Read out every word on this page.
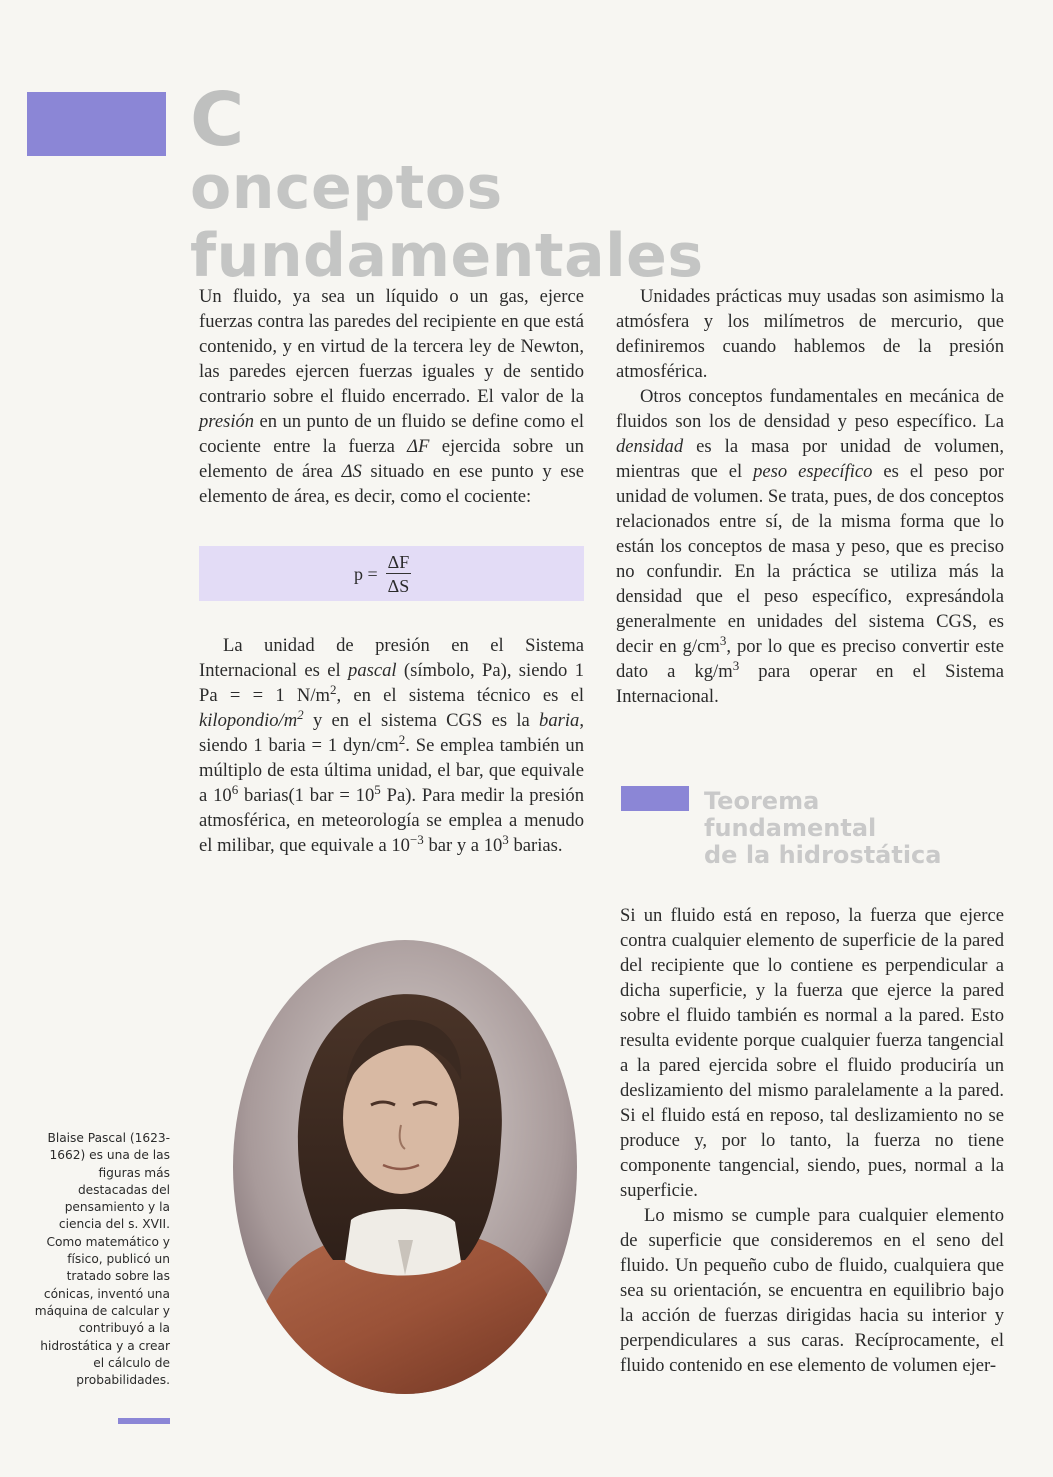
C
onceptos
fundamentales

Un fluido, ya sea un líquido o un gas, ejerce fuerzas contra las paredes del recipiente en que está contenido, y en virtud de la tercera ley de Newton, las paredes ejercen fuerzas iguales y de sentido contrario sobre el fluido encerrado. El valor de la presión en un punto de un fluido se define como el cociente entre la fuerza ΔF ejercida sobre un elemento de área ΔS situado en ese punto y ese elemento de área, es decir, como el cociente:

$p = \frac{\Delta F}{\Delta S}$

La unidad de presión en el Sistema Internacional es el pascal (símbolo, Pa), siendo 1 Pa = = 1 $N/m^2$, en el sistema técnico es el kilopondio/$m^2$ y en el sistema CGS es la baria, siendo 1 baria = 1 dyn/$cm^2$. Se emplea también un múltiplo de esta última unidad, el bar, que equivale a $10^6$ barias(1 bar = $10^5$ Pa). Para medir la presión atmosférica, en meteorología se emplea a menudo el milibar, que equivale a $10^{-3}$ bar y a $10^3$ barias.

Unidades prácticas muy usadas son asimismo la atmósfera y los milímetros de mercurio, que definiremos cuando hablemos de la presión atmosférica.

Otros conceptos fundamentales en mecánica de fluidos son los de densidad y peso específico. La densidad es la masa por unidad de volumen, mientras que el peso específico es el peso por unidad de volumen. Se trata, pues, de dos conceptos relacionados entre sí, de la misma forma que lo están los conceptos de masa y peso, que es preciso no confundir. En la práctica se utiliza más la densidad que el peso específico, expresándola generalmente en unidades del sistema CGS, es decir en $g/cm^3$, por lo que es preciso convertir este dato a $kg/m^3$ para operar en el Sistema Internacional.

Teorema
fundamental
de la hidrostática

Si un fluido está en reposo, la fuerza que ejerce contra cualquier elemento de superficie de la pared del recipiente que lo contiene es perpendicular a dicha superficie, y la fuerza que ejerce la pared sobre el fluido también es normal a la pared. Esto resulta evidente porque cualquier fuerza tangencial a la pared ejercida sobre el fluido produciría un deslizamiento del mismo paralelamente a la pared. Si el fluido está en reposo, tal deslizamiento no se produce y, por lo tanto, la fuerza no tiene componente tangencial, siendo, pues, normal a la superficie.

Lo mismo se cumple para cualquier elemento de superficie que consideremos en el seno del fluido. Un pequeño cubo de fluido, cualquiera que sea su orientación, se encuentra en equilibrio bajo la acción de fuerzas dirigidas hacia su interior y perpendiculares a sus caras. Recíprocamente, el fluido contenido en ese elemento de volumen ejer-

Blaise Pascal (1623-1662) es una de las figuras más destacadas del pensamiento y la ciencia del s. XVII. Como matemático y físico, publicó un tratado sobre las cónicas, inventó una máquina de calcular y contribuyó a la hidrostática y a crear el cálculo de probabilidades.
